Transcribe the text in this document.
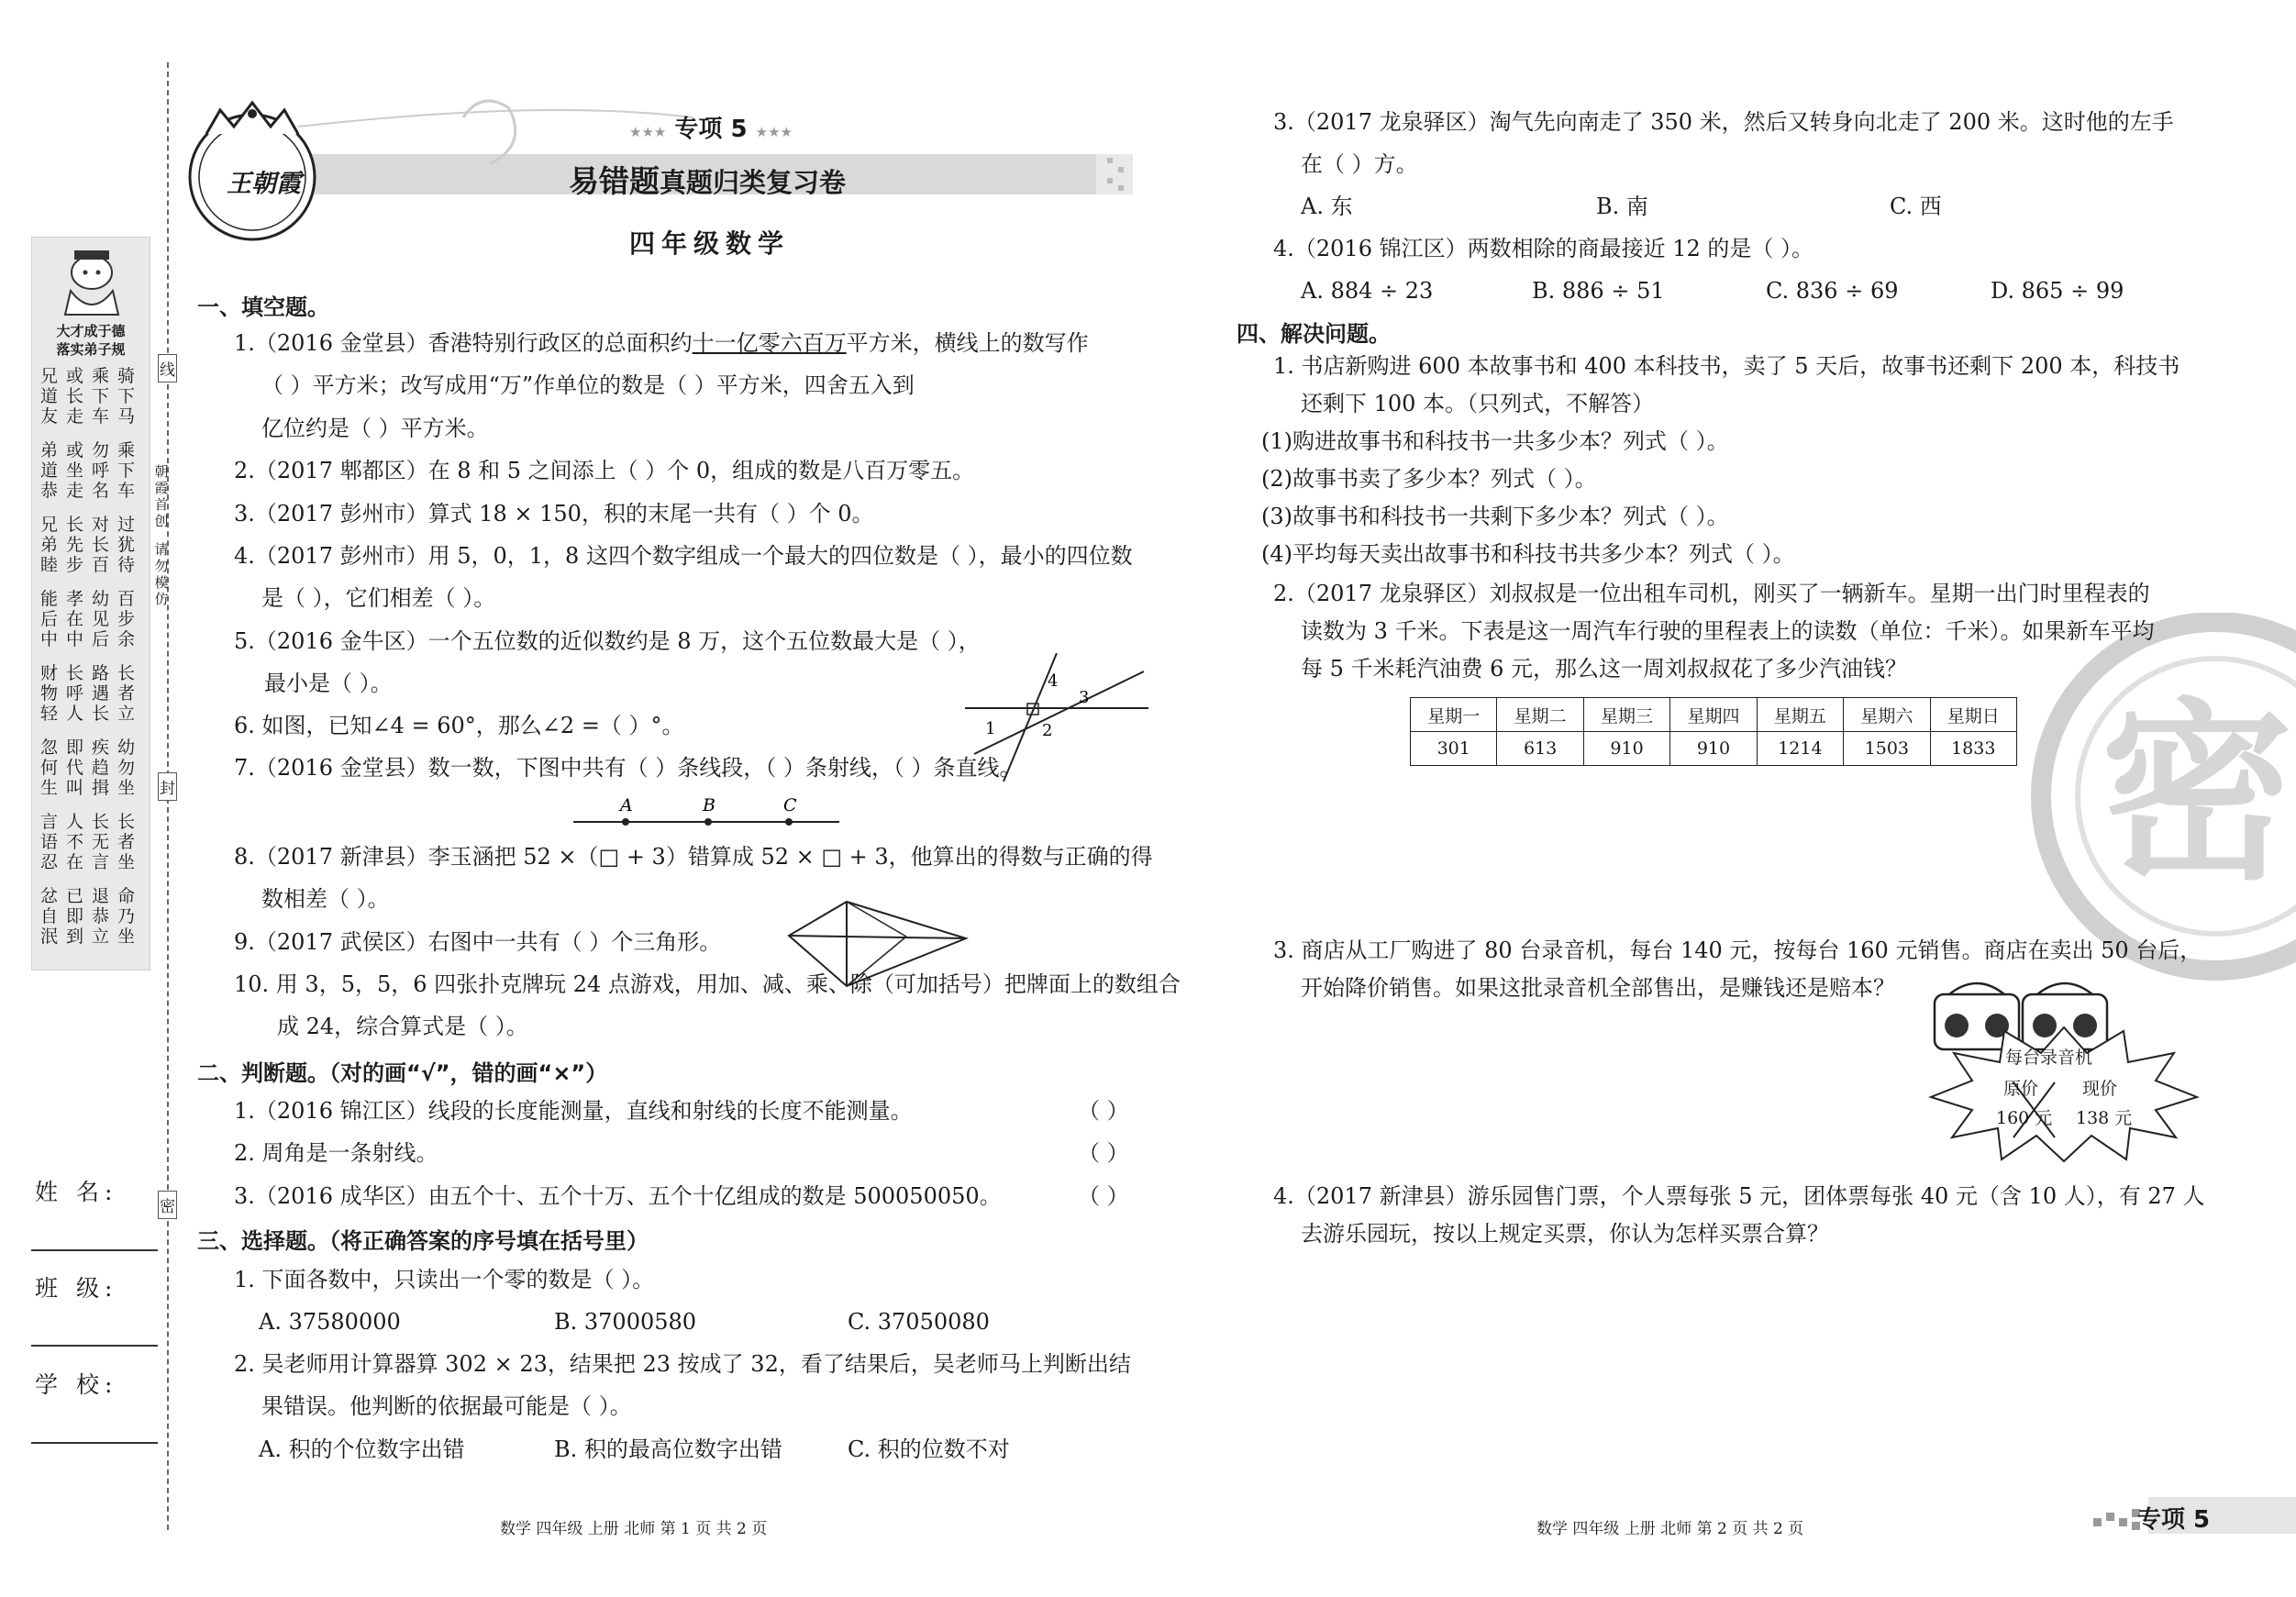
大才成于德
落实弟子规
骑下马
乘下车
或长走
兄道友
乘下车
勿呼名
或坐走
弟道恭
过犹待
对长百
长先步
兄弟睦
百步余
幼见后
孝在中
能后中
长者立
路遇长
长呼人
财物轻
幼勿坐
疾趋揖
即代叫
忽何生
长者坐
长无言
人不在
言语忍
命乃坐
退恭立
已即到
忿自泯
线
封
密
朝霞首创
请勿模仿
姓 名:
班 级:
学 校:
王朝霞
★★★ 专项 5 ★★★
易错题真题归类复习卷
四年级数学
一、填空题。
1.（2016 金堂县）香港特别行政区的总面积约十一亿零六百万平方米，横线上的数写作
（ ）平方米；改写成用“万”作单位的数是（ ）平方米，四舍五入到
亿位约是（ ）平方米。
2.（2017 郫都区）在 8 和 5 之间添上（ ）个 0，组成的数是八百万零五。
3.（2017 彭州市）算式 18 × 150，积的末尾一共有（ ）个 0。
4.（2017 彭州市）用 5，0，1，8 这四个数字组成一个最大的四位数是（ ），最小的四位数
是（ ），它们相差（ ）。
5.（2016 金牛区）一个五位数的近似数约是 8 万，这个五位数最大是（ ），
最小是（ ）。
6. 如图，已知∠4 = 60°，那么∠2 =（ ）°。	1	2
3
4
7.（2016 金堂县）数一数，下图中共有（ ）条线段，（ ）条射线，（ ）条直线。
A	B	C
8.（2017 新津县）李玉涵把 52 ×（□ + 3）错算成 52 × □ + 3，他算出的得数与正确的得
数相差（ ）。
9.（2017 武侯区）右图中一共有（ ）个三角形。
10. 用 3，5，5，6 四张扑克牌玩 24 点游戏，用加、减、乘、除（可加括号）把牌面上的数组合
成 24，综合算式是（ ）。
二、判断题。（对的画“√”，错的画“×”）
1.（2016 锦江区）线段的长度能测量，直线和射线的长度不能测量。	（ ）
2. 周角是一条射线。	（ ）
3.（2016 成华区）由五个十、五个十万、五个十亿组成的数是 500050050。	（ ）
三、选择题。（将正确答案的序号填在括号里）
1. 下面各数中，只读出一个零的数是（ ）。
A. 37580000	B. 37000580	C. 37050080
2. 吴老师用计算器算 302 × 23，结果把 23 按成了 32，看了结果后，吴老师马上判断出结
果错误。他判断的依据最可能是（ ）。
A. 积的个位数字出错	B. 积的最高位数字出错	C. 积的位数不对
数学 四年级 上册 北师 第 1 页 共 2 页
密
3.（2017 龙泉驿区）淘气先向南走了 350 米，然后又转身向北走了 200 米。这时他的左手
在（ ）方。
A. 东	B. 南	C. 西
4.（2016 锦江区）两数相除的商最接近 12 的是（ ）。
A. 884 ÷ 23	B. 886 ÷ 51	C. 836 ÷ 69	D. 865 ÷ 99
四、解决问题。
1. 书店新购进 600 本故事书和 400 本科技书，卖了 5 天后，故事书还剩下 200 本，科技书
还剩下 100 本。（只列式，不解答）
(1)购进故事书和科技书一共多少本？列式（ ）。
(2)故事书卖了多少本？列式（ ）。
(3)故事书和科技书一共剩下多少本？列式（ ）。
(4)平均每天卖出故事书和科技书共多少本？列式（ ）。
2.（2017 龙泉驿区）刘叔叔是一位出租车司机，刚买了一辆新车。星期一出门时里程表的
读数为 3 千米。下表是这一周汽车行驶的里程表上的读数（单位：千米）。如果新车平均
每 5 千米耗汽油费 6 元，那么这一周刘叔叔花了多少汽油钱？
星期一	星期二	星期三	星期四	星期五	星期六	星期日
301	613	910	910	1214	1503	1833
3. 商店从工厂购进了 80 台录音机，每台 140 元，按每台 160 元销售。商店在卖出 50 台后，
开始降价销售。如果这批录音机全部售出，是赚钱还是赔本？
每台录音机
原价	现价
160 元 138 元
4.（2017 新津县）游乐园售门票，个人票每张 5 元，团体票每张 40 元（含 10 人），有 27 人
去游乐园玩，按以上规定买票，你认为怎样买票合算？
数学 四年级 上册 北师 第 2 页 共 2 页	专项 5
